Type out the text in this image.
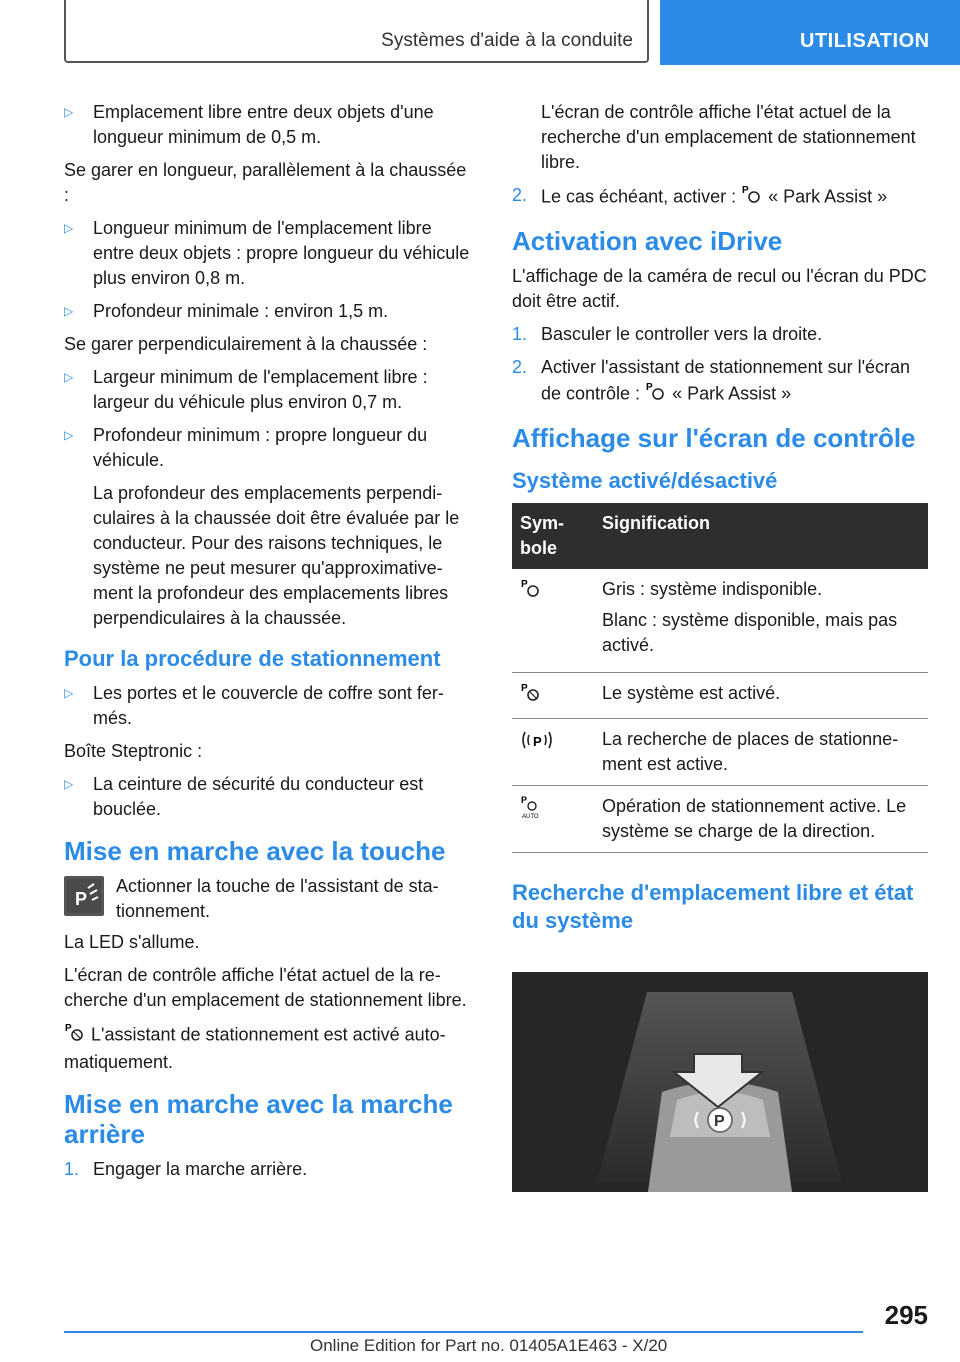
Systèmes d'aide à la conduite	UTILISATION
▷ Emplacement libre entre deux objets d'une longueur minimum de 0,5 m.

Se garer en longueur, parallèlement à la chaussée :

▷ Longueur minimum de l'emplacement libre entre deux objets : propre longueur du véhicule plus environ 0,8 m.
▷ Profondeur minimale : environ 1,5 m.

Se garer perpendiculairement à la chaussée :

▷ Largeur minimum de l'emplacement libre : largeur du véhicule plus environ 0,7 m.
▷ Profondeur minimum : propre longueur du véhicule.

La profondeur des emplacements perpendiculaires à la chaussée doit être évaluée par le conducteur. Pour des raisons techniques, le système ne peut mesurer qu'approximativement la profondeur des emplacements libres perpendiculaires à la chaussée.

Pour la procédure de stationnement
▷ Les portes et le couvercle de coffre sont fermés.

Boîte Steptronic :

▷ La ceinture de sécurité du conducteur est bouclée.
Mise en marche avec la touche
P
Actionner la touche de l'assistant de stationnement.

La LED s'allume.

L'écran de contrôle affiche l'état actuel de la recherche d'un emplacement de stationnement libre.

P L'assistant de stationnement est activé automatiquement.

Mise en marche avec la marche arrière
1. Engager la marche arrière.

L'écran de contrôle affiche l'état actuel de la recherche d'un emplacement de stationnement libre.

2. Le cas échéant, activer : P « Park Assist »
Activation avec iDrive

L'affichage de la caméra de recul ou l'écran du PDC doit être actif.

1. Basculer le controller vers la droite.
2. Activer l'assistant de stationnement sur l'écran de contrôle : P « Park Assist »
Affichage sur l'écran de contrôle
Système activé/désactivé
Symbole	Signification

P	Gris : système indisponible.

Blanc : système disponible, mais pas activé.

P	Le système est activé.

P	La recherche de places de stationnement est active.

P
AUTO	Opération de stationnement active. Le système se charge de la direction.
Recherche d'emplacement libre et état du système
P
295
Online Edition for Part no. 01405A1E463 - X/20
